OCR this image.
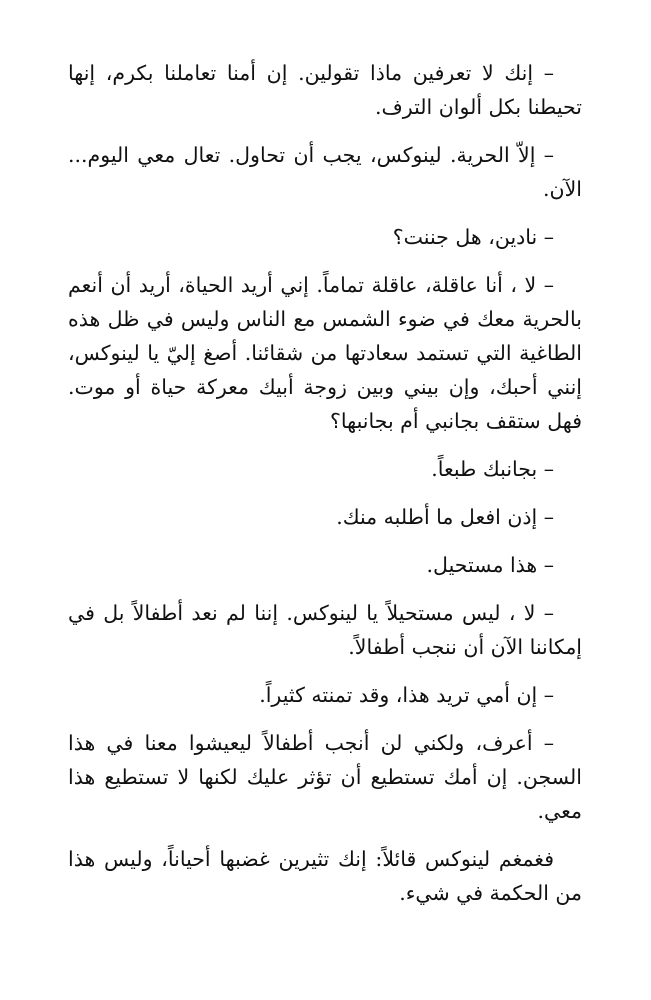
– إنك لا تعرفين ماذا تقولين. إن أمنا تعاملنا بكرم، إنها تحيطنا بكل ألوان الترف.

– إلاّ الحرية. لينوكس، يجب أن تحاول. تعال معي اليوم... الآن.

– نادين، هل جننت؟

– لا ، أنا عاقلة، عاقلة تماماً. إني أريد الحياة، أريد أن أنعم بالحرية معك في ضوء الشمس مع الناس وليس في ظل هذه الطاغية التي تستمد سعادتها من شقائنا. أصغ إليّ يا لينوكس، إنني أحبك، وإن بيني وبين زوجة أبيك معركة حياة أو موت. فهل ستقف بجانبي أم بجانبها؟

– بجانبك طبعاً.

– إذن افعل ما أطلبه منك.

– هذا مستحيل.

– لا ، ليس مستحيلاً يا لينوكس. إننا لم نعد أطفالاً بل في إمكاننا الآن أن ننجب أطفالاً.

– إن أمي تريد هذا، وقد تمنته كثيراً.

– أعرف، ولكني لن أنجب أطفالاً ليعيشوا معنا في هذا السجن. إن أمك تستطيع أن تؤثر عليك لكنها لا تستطيع هذا معي.

فغمغم لينوكس قائلاً: إنك تثيرين غضبها أحياناً، وليس هذا من الحكمة في شيء.
